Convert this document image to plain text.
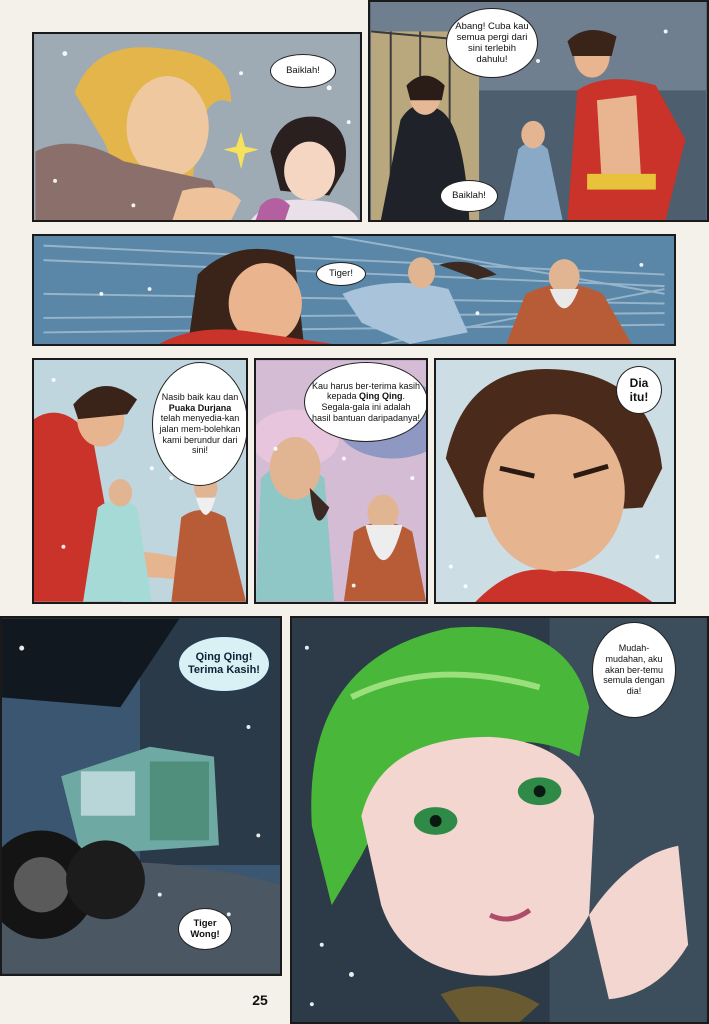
Baiklah!
Abang! Cuba kau semua pergi dari sini terlebih dahulu!
Baiklah!
Tiger!
Nasib baik kau dan Puaka Durjana telah menyedia-kan jalan mem-bolehkan kami berundur dari sini!
Kau harus ber-terima kasih kepada Qing Qing. Segala-gala ini adalah hasil bantuan daripadanya!
Dia itu!
Qing Qing! Terima Kasih!
Tiger Wong!
Mudah-mudahan, aku akan ber-temu semula dengan dia!
25
